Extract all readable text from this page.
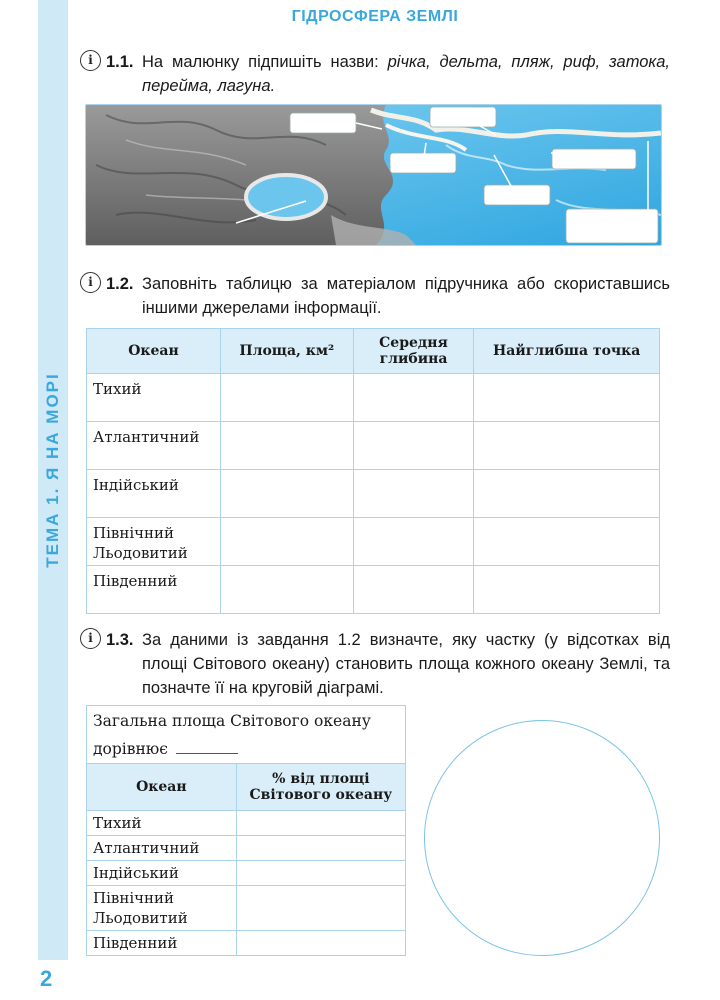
ТЕМА 1. Я НА МОРІ
2
ГІДРОСФЕРА ЗЕМЛІ
i 1.1. На малюнку підпишіть назви: річка, дельта, пляж, риф, затока, перейма, лагуна.
i 1.2. Заповніть таблицю за матеріалом підручника або скориставшись іншими джерелами інформації.
Океан	Площа, км²	Середня глибина	Найглибша точка
Тихий			
Атлантичний			
Індійський			
Північний Льодовитий			
Південний			
i 1.3. За даними із завдання 1.2 визначте, яку частку (у відсотках від площі Світового океану) становить площа кожного океану Землі, та позначте її на круговій діаграмі.
Загальна площа Світового океану дорівнює	
Океан	% від площі Світового океану
Тихий	
Атлантичний	
Індійський	
Північний Льодовитий	
Південний	
